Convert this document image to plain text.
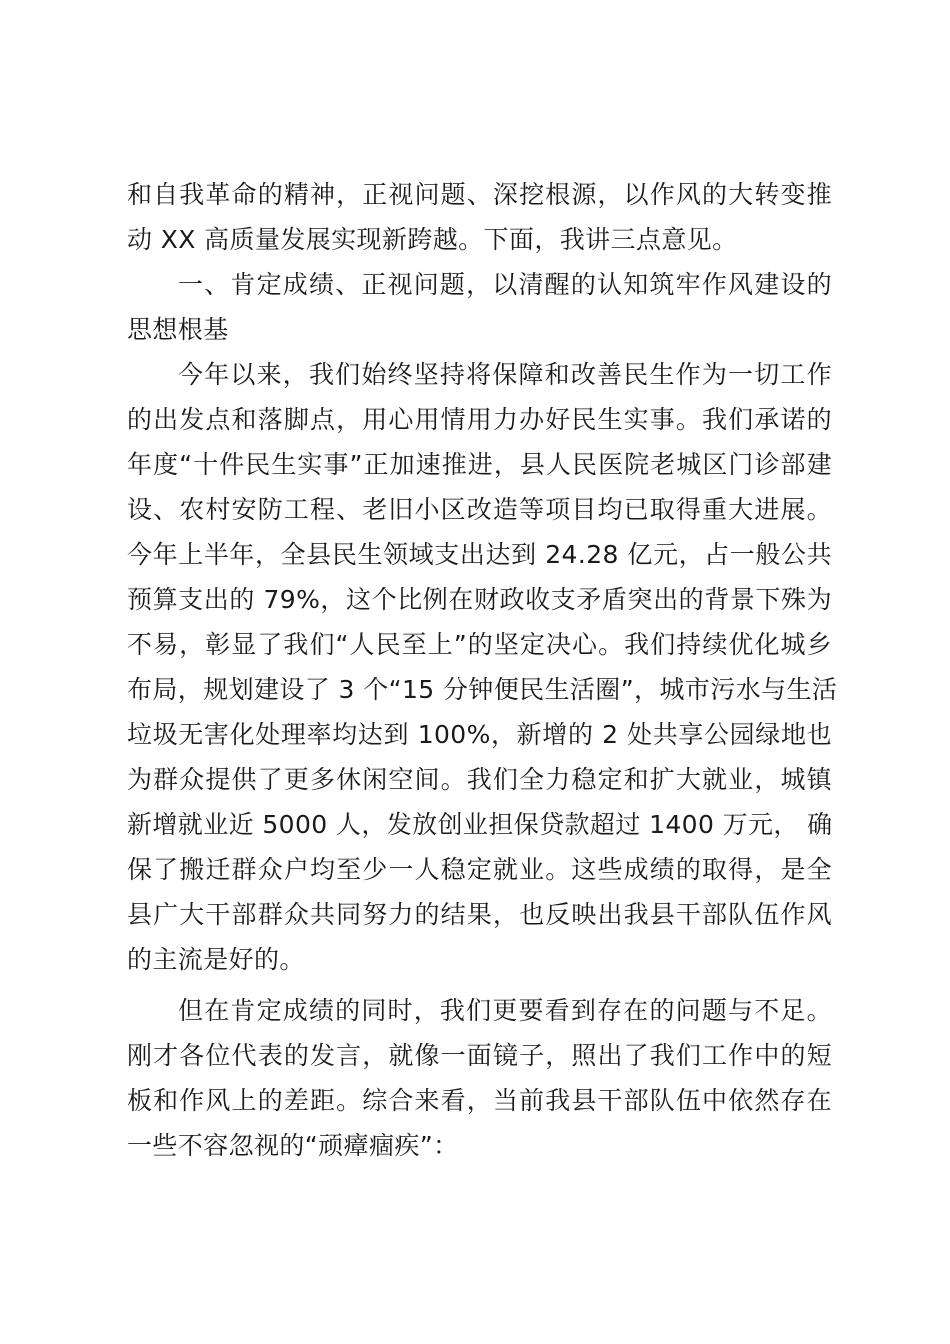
和自我革命的精神，正视问题、深挖根源，以作风的大转变推
动 XX 高质量发展实现新跨越。下面，我讲三点意见。
一、肯定成绩、正视问题，以清醒的认知筑牢作风建设的
思想根基
今年以来，我们始终坚持将保障和改善民生作为一切工作
的出发点和落脚点，用心用情用力办好民生实事。我们承诺的
年度“十件民生实事”正加速推进，县人民医院老城区门诊部建
设、农村安防工程、老旧小区改造等项目均已取得重大进展。
今年上半年，全县民生领域支出达到 24.28 亿元，占一般公共
预算支出的 79%，这个比例在财政收支矛盾突出的背景下殊为
不易，彰显了我们“人民至上”的坚定决心。我们持续优化城乡
布局，规划建设了 3 个“15 分钟便民生活圈”，城市污水与生活
垃圾无害化处理率均达到 100%，新增的 2 处共享公园绿地也
为群众提供了更多休闲空间。我们全力稳定和扩大就业，城镇
新增就业近 5000 人，发放创业担保贷款超过 1400 万元， 确
保了搬迁群众户均至少一人稳定就业。这些成绩的取得，是全
县广大干部群众共同努力的结果，也反映出我县干部队伍作风
的主流是好的。
但在肯定成绩的同时，我们更要看到存在的问题与不足。
刚才各位代表的发言，就像一面镜子，照出了我们工作中的短
板和作风上的差距。综合来看，当前我县干部队伍中依然存在
一些不容忽视的“顽瘴痼疾”：
